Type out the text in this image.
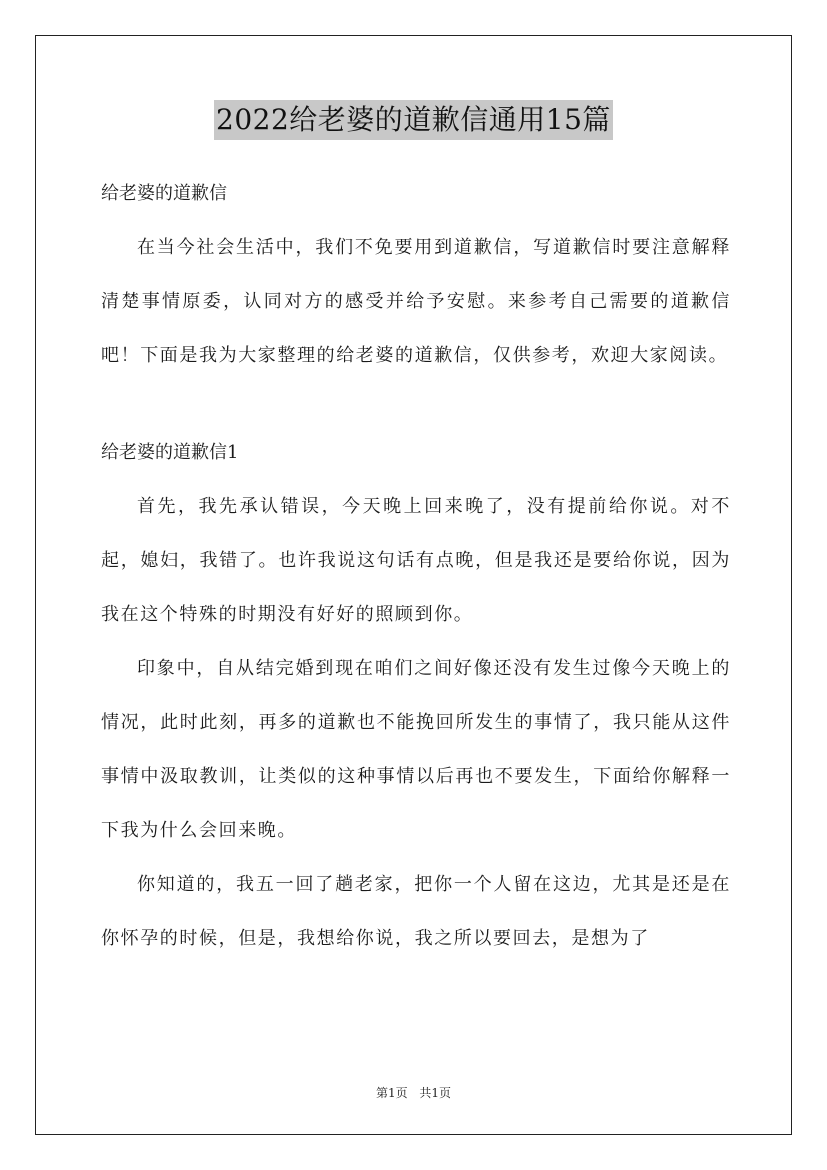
2022给老婆的道歉信通用15篇

给老婆的道歉信

在当今社会生活中，我们不免要用到道歉信，写道歉信时要注意解释清楚事情原委，认同对方的感受并给予安慰。来参考自己需要的道歉信吧！下面是我为大家整理的给老婆的道歉信，仅供参考，欢迎大家阅读。

给老婆的道歉信1

首先，我先承认错误，今天晚上回来晚了，没有提前给你说。对不起，媳妇，我错了。也许我说这句话有点晚，但是我还是要给你说，因为我在这个特殊的时期没有好好的照顾到你。

印象中，自从结完婚到现在咱们之间好像还没有发生过像今天晚上的情况，此时此刻，再多的道歉也不能挽回所发生的事情了，我只能从这件事情中汲取教训，让类似的这种事情以后再也不要发生，下面给你解释一下我为什么会回来晚。

你知道的，我五一回了趟老家，把你一个人留在这边，尤其是还是在你怀孕的时候，但是，我想给你说，我之所以要回去，是想为了

第1页 共1页
